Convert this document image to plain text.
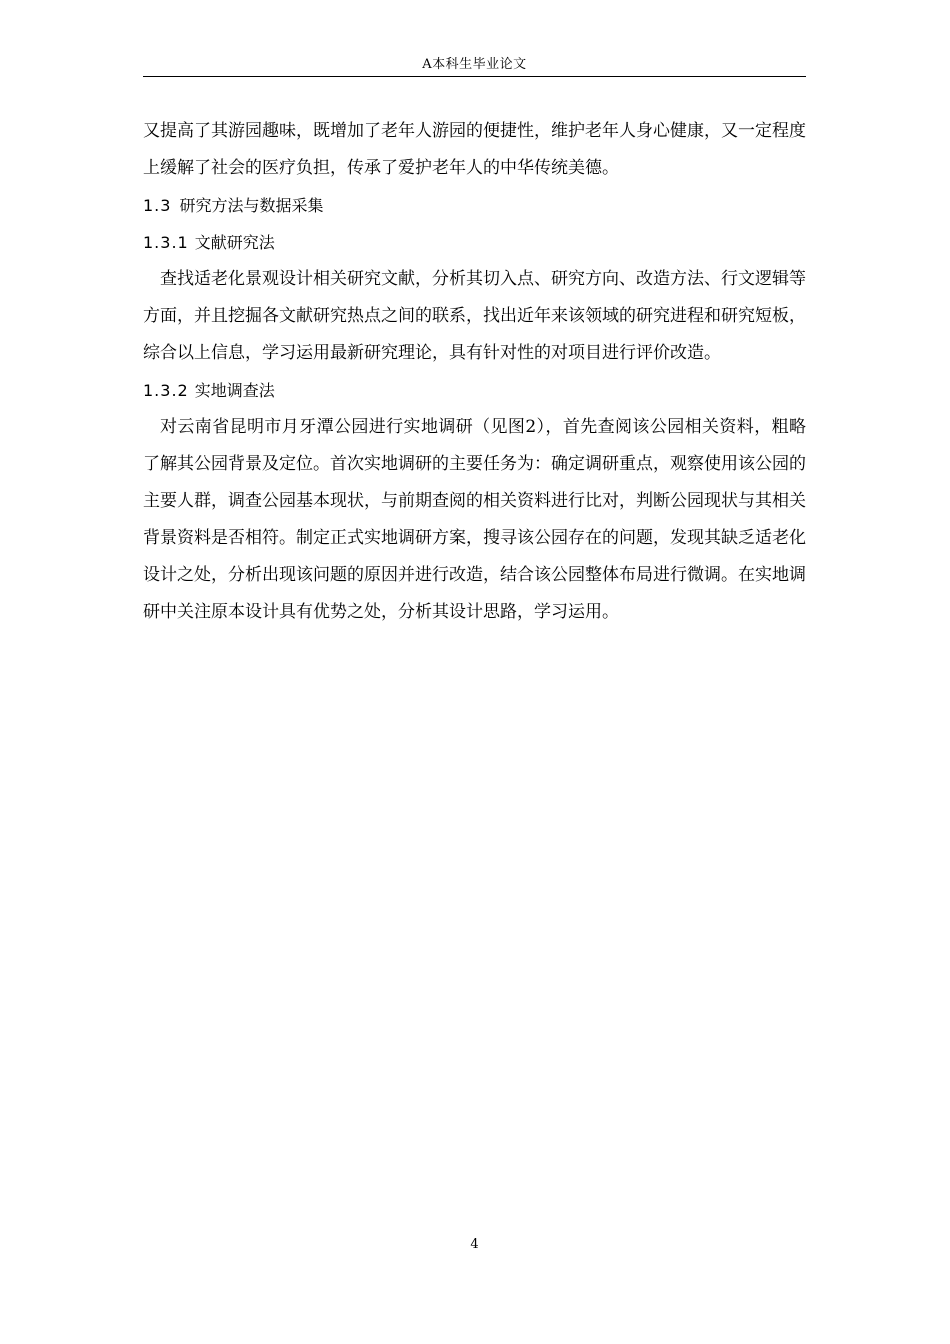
A本科生毕业论文

又提高了其游园趣味，既增加了老年人游园的便捷性，维护老年人身心健康，又一定程度上缓解了社会的医疗负担，传承了爱护老年人的中华传统美德。

1.3 研究方法与数据采集
1.3.1 文献研究法

查找适老化景观设计相关研究文献，分析其切入点、研究方向、改造方法、行文逻辑等方面，并且挖掘各文献研究热点之间的联系，找出近年来该领域的研究进程和研究短板，综合以上信息，学习运用最新研究理论，具有针对性的对项目进行评价改造。

1.3.2 实地调查法

对云南省昆明市月牙潭公园进行实地调研（见图2），首先查阅该公园相关资料，粗略了解其公园背景及定位。首次实地调研的主要任务为：确定调研重点，观察使用该公园的主要人群，调查公园基本现状，与前期查阅的相关资料进行比对，判断公园现状与其相关背景资料是否相符。制定正式实地调研方案，搜寻该公园存在的问题，发现其缺乏适老化设计之处，分析出现该问题的原因并进行改造，结合该公园整体布局进行微调。在实地调研中关注原本设计具有优势之处，分析其设计思路，学习运用。

4
